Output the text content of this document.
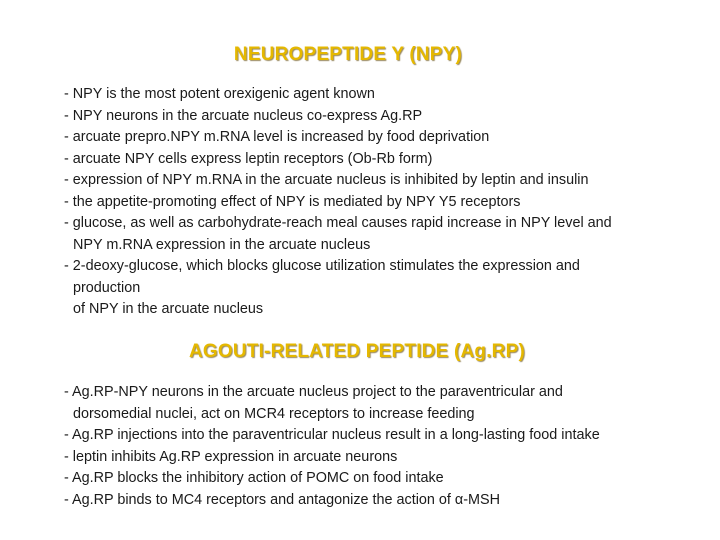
NEUROPEPTIDE Y (NPY)
- NPY is the most potent orexigenic agent known
- NPY neurons in the arcuate nucleus co-express Ag.RP
- arcuate prepro.NPY m.RNA level is increased by food deprivation
- arcuate NPY cells express leptin receptors (Ob-Rb form)
- expression of NPY m.RNA in the arcuate nucleus is inhibited by leptin and insulin
- the appetite-promoting effect of NPY is mediated by NPY Y5 receptors
- glucose, as well as carbohydrate-reach meal causes rapid increase in NPY level and
NPY m.RNA expression in the arcuate nucleus
- 2-deoxy-glucose, which blocks glucose utilization stimulates the expression and
production
of NPY in the arcuate nucleus
AGOUTI-RELATED PEPTIDE (Ag.RP)
- Ag.RP-NPY neurons in the arcuate nucleus project to the paraventricular and
dorsomedial nuclei, act on MCR4 receptors to increase feeding
- Ag.RP injections into the paraventricular nucleus result in a long-lasting food intake
- leptin inhibits Ag.RP expression in arcuate neurons
- Ag.RP blocks the inhibitory action of POMC on food intake
- Ag.RP binds to MC4 receptors and antagonize the action of α-MSH
